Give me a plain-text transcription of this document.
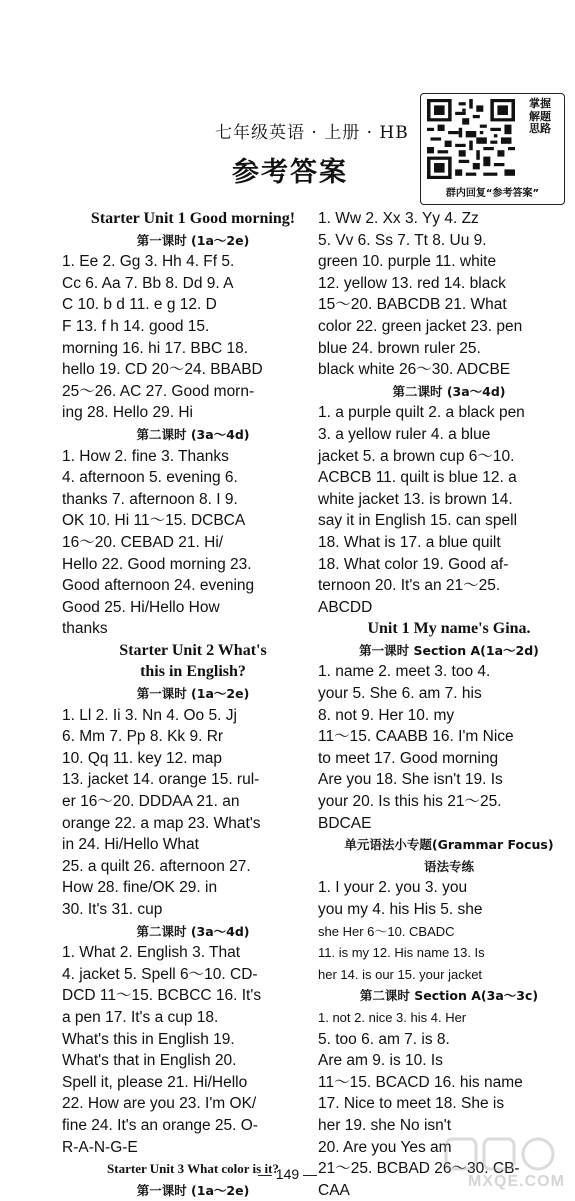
七年级英语 · 上册 · HB
参考答案
掌握解题思路
群内回复“参考答案”
Starter Unit 1 Good morning!
第一课时 (1a～2e)
1. Ee 2. Gg 3. Hh 4. Ff 5.
Cc 6. Aa 7. Bb 8. Dd 9. A
C 10. b d 11. e g 12. D
F 13. f h 14. good 15.
morning 16. hi 17. BBC 18.
hello 19. CD 20～24. BBABD
25～26. AC 27. Good morn-
ing 28. Hello 29. Hi
第二课时 (3a～4d)
1. How 2. fine 3. Thanks
4. afternoon 5. evening 6.
thanks 7. afternoon 8. I 9.
OK 10. Hi 11～15. DCBCA
16～20. CEBAD 21. Hi/
Hello 22. Good morning 23.
Good afternoon 24. evening
Good 25. Hi/Hello How
thanks
Starter Unit 2 What's
this in English?
第一课时 (1a～2e)
1. Ll 2. Ii 3. Nn 4. Oo 5. Jj
6. Mm 7. Pp 8. Kk 9. Rr
10. Qq 11. key 12. map
13. jacket 14. orange 15. rul-
er 16～20. DDDAA 21. an
orange 22. a map 23. What's
in 24. Hi/Hello What
25. a quilt 26. afternoon 27.
How 28. fine/OK 29. in
30. It's 31. cup
第二课时 (3a～4d)
1. What 2. English 3. That
4. jacket 5. Spell 6～10. CD-
DCD 11～15. BCBCC 16. It's
a pen 17. It's a cup 18.
What's this in English 19.
What's that in English 20.
Spell it, please 21. Hi/Hello
22. How are you 23. I'm OK/
fine 24. It's an orange 25. O-
R-A-N-G-E
Starter Unit 3 What color is it?
第一课时 (1a～2e)
1. Ww 2. Xx 3. Yy 4. Zz
5. Vv 6. Ss 7. Tt 8. Uu 9.
green 10. purple 11. white
12. yellow 13. red 14. black
15～20. BABCDB 21. What
color 22. green jacket 23. pen
blue 24. brown ruler 25.
black white 26～30. ADCBE
第二课时 (3a～4d)
1. a purple quilt 2. a black pen
3. a yellow ruler 4. a blue
jacket 5. a brown cup 6～10.
ACBCB 11. quilt is blue 12. a
white jacket 13. is brown 14.
say it in English 15. can spell
18. What is 17. a blue quilt
18. What color 19. Good af-
ternoon 20. It's an 21～25.
ABCDD
Unit 1 My name's Gina.
第一课时 Section A(1a～2d)
1. name 2. meet 3. too 4.
your 5. She 6. am 7. his
8. not 9. Her 10. my
11～15. CAABB 16. I'm Nice
to meet 17. Good morning
Are you 18. She isn't 19. Is
your 20. Is this his 21～25.
BDCAE
单元语法小专题(Grammar Focus)
语法专练
1. I your 2. you 3. you
you my 4. his His 5. she
she Her 6～10. CBADC
11. is my 12. His name 13. Is
her 14. is our 15. your jacket
第二课时 Section A(3a～3c)
1. not 2. nice 3. his 4. Her
5. too 6. am 7. is 8.
Are am 9. is 10. Is
11～15. BCACD 16. his name
17. Nice to meet 18. She is
her 19. she No isn't
20. Are you Yes am
21～25. BCBAD 26～30. CB-
CAA
— 149 —	MXQE.COM
